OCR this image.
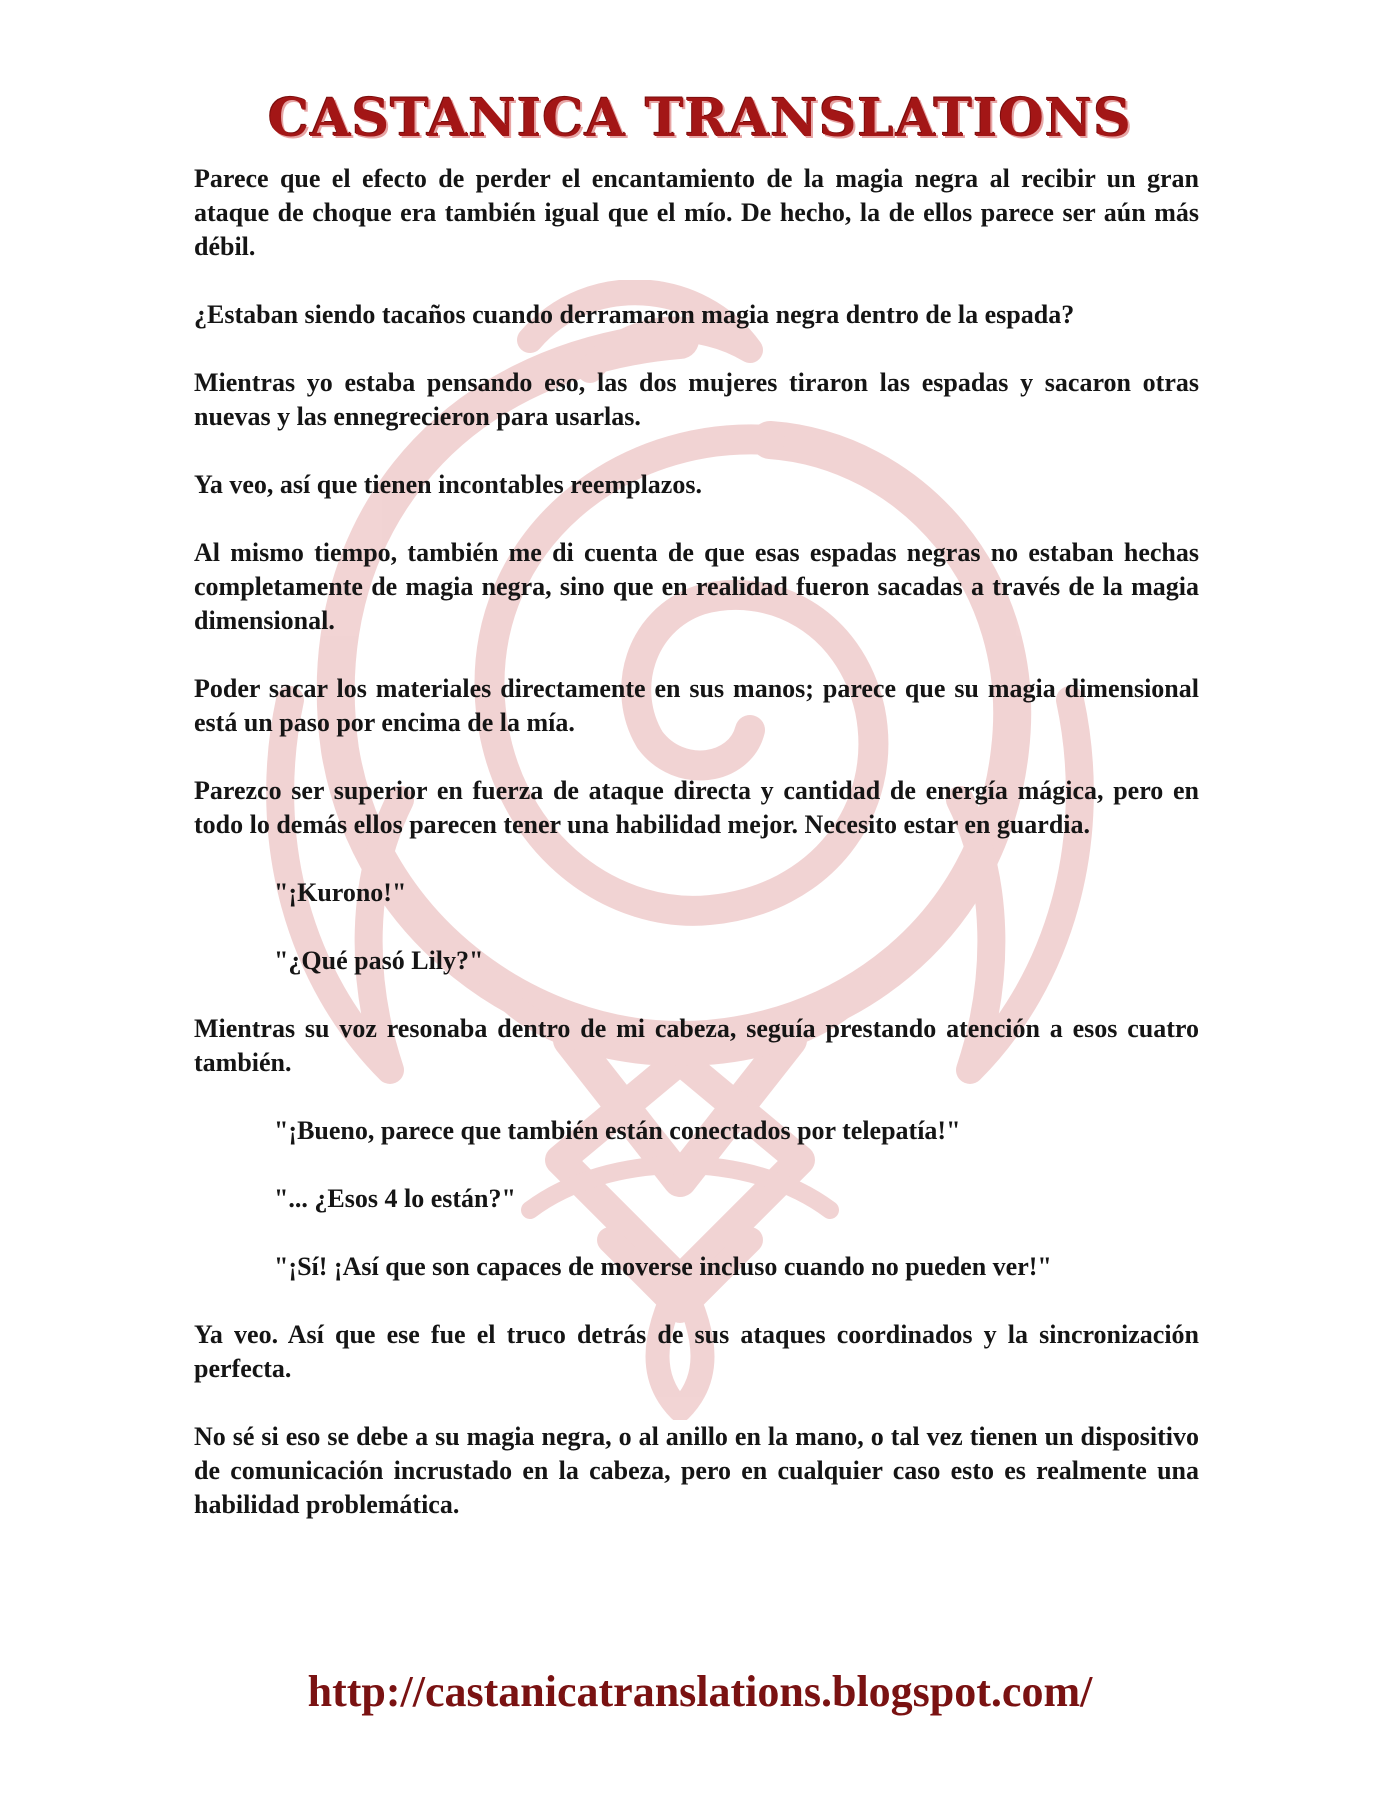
CASTANICA TRANSLATIONS

Parece que el efecto de perder el encantamiento de la magia negra al recibir un gran ataque de choque era también igual que el mío. De hecho, la de ellos parece ser aún más débil.

¿Estaban siendo tacaños cuando derramaron magia negra dentro de la espada?

Mientras yo estaba pensando eso, las dos mujeres tiraron las espadas y sacaron otras nuevas y las ennegrecieron para usarlas.

Ya veo, así que tienen incontables reemplazos.

Al mismo tiempo, también me di cuenta de que esas espadas negras no estaban hechas completamente de magia negra, sino que en realidad fueron sacadas a través de la magia dimensional.

Poder sacar los materiales directamente en sus manos; parece que su magia dimensional está un paso por encima de la mía.

Parezco ser superior en fuerza de ataque directa y cantidad de energía mágica, pero en todo lo demás ellos parecen tener una habilidad mejor. Necesito estar en guardia.

"¡Kurono!"

"¿Qué pasó Lily?"

Mientras su voz resonaba dentro de mi cabeza, seguía prestando atención a esos cuatro también.

"¡Bueno, parece que también están conectados por telepatía!"

"... ¿Esos 4 lo están?"

"¡Sí! ¡Así que son capaces de moverse incluso cuando no pueden ver!"

Ya veo. Así que ese fue el truco detrás de sus ataques coordinados y la sincronización perfecta.

No sé si eso se debe a su magia negra, o al anillo en la mano, o tal vez tienen un dispositivo de comunicación incrustado en la cabeza, pero en cualquier caso esto es realmente una habilidad problemática.

http://castanicatranslations.blogspot.com/
